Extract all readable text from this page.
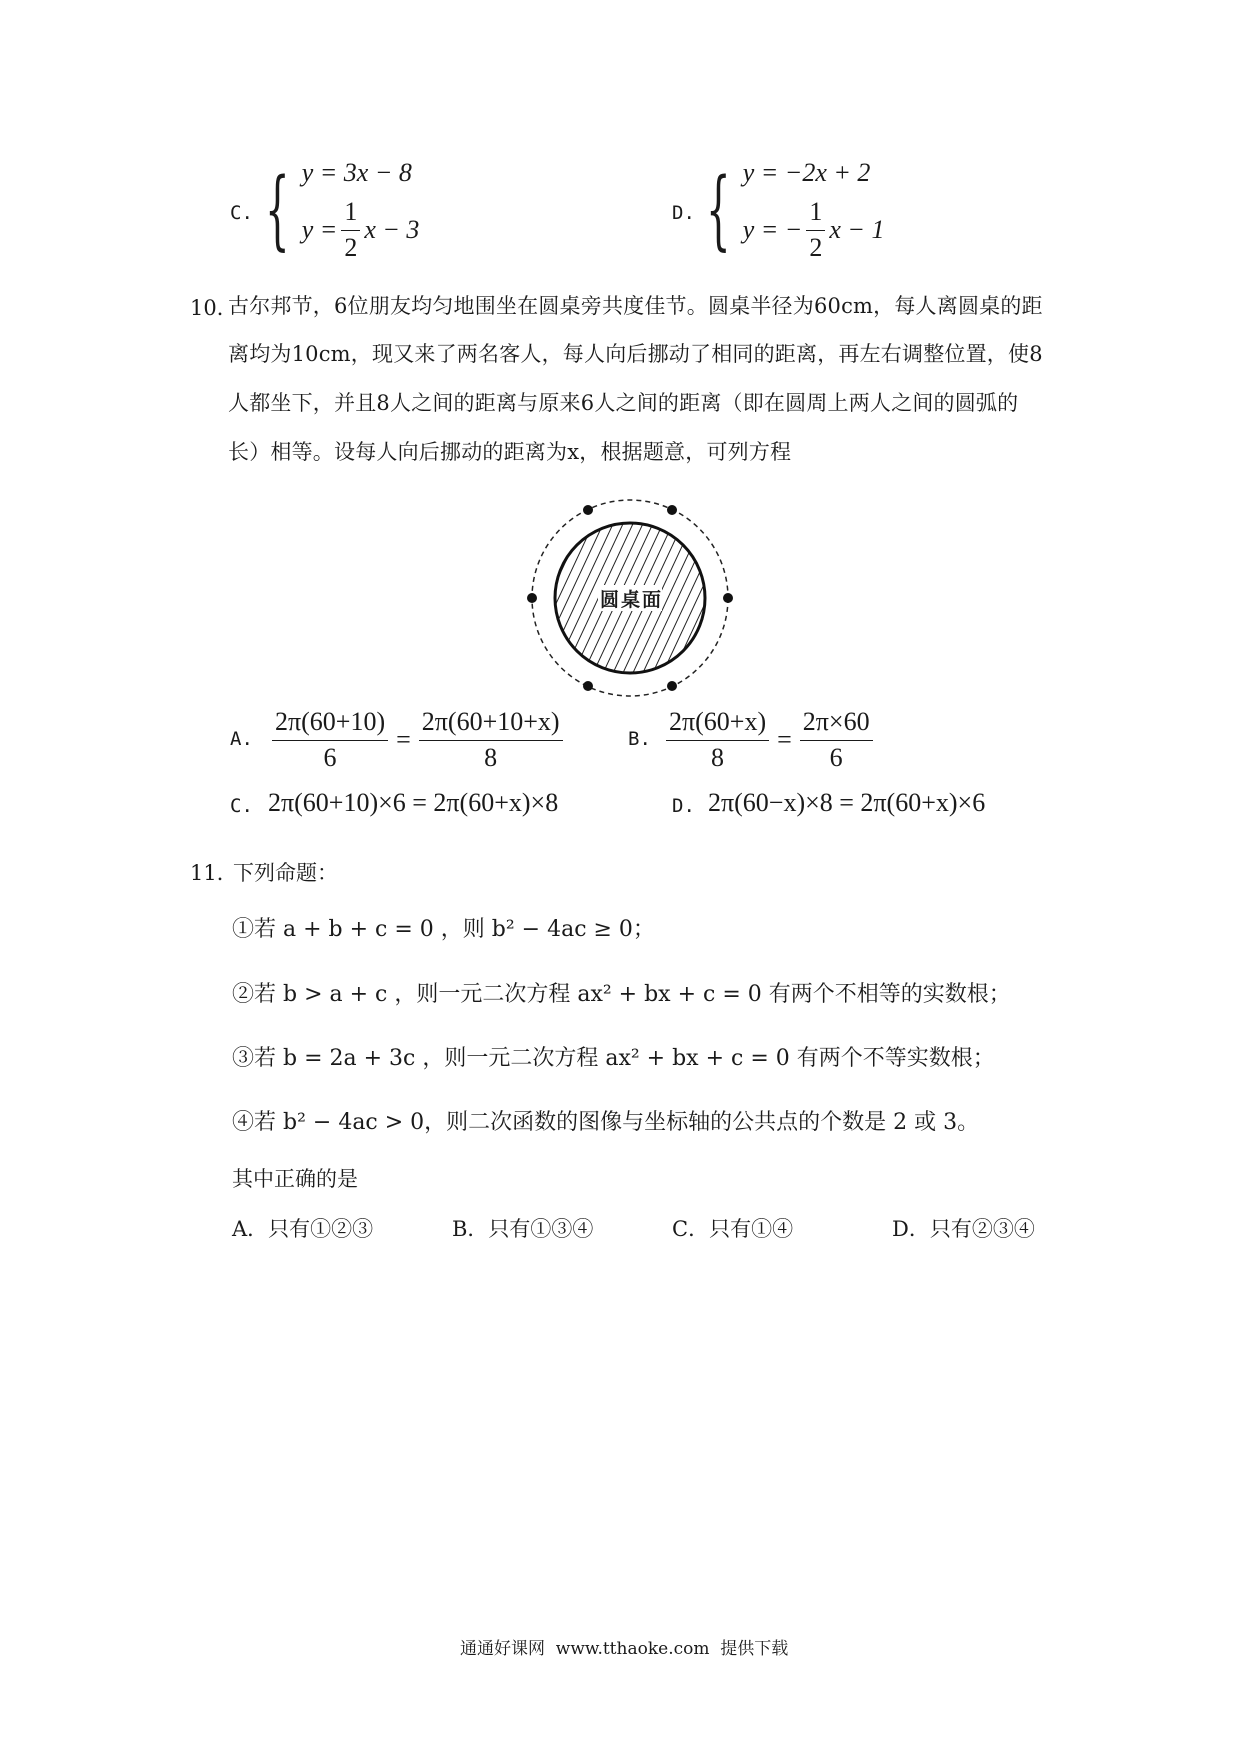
C. { y = 3x − 8
$y = \frac{1}{2}$ x − 3
D. { y = −2x + 2
y = − $\frac{1}{2}$ x − 1
10．
古尔邦节，6位朋友均匀地围坐在圆桌旁共度佳节。圆桌半径为60cm，每人离圆桌的距
离均为10cm，现又来了两名客人，每人向后挪动了相同的距离，再左右调整位置，使8
人都坐下，并且8人之间的距离与原来6人之间的距离（即在圆周上两人之间的圆弧的
长）相等。设每人向后挪动的距离为x，根据题意，可列方程
圆桌面
A. $\frac{2\pi(60+10)}{6} = \frac{2\pi(60+10+x)}{8}$	B. $\frac{2\pi(60+x)}{8} = \frac{2\pi\times 60}{6}$
C. 2π(60+10)×6 = 2π(60+x)×8	D. 2π(60−x)×8 = 2π(60+x)×6
11．
下列命题：
①若 a + b + c = 0 ，则 b² − 4ac ≥ 0；
②若 b > a + c ，则一元二次方程 ax² + bx + c = 0 有两个不相等的实数根；
③若 b = 2a + 3c ，则一元二次方程 ax² + bx + c = 0 有两个不等实数根；
④若 b² − 4ac > 0，则二次函数的图像与坐标轴的公共点的个数是 2 或 3。
其中正确的是
A．只有①②③	B．只有①③④	C．只有①④	D．只有②③④
通通好课网  www.tthaoke.com  提供下载
